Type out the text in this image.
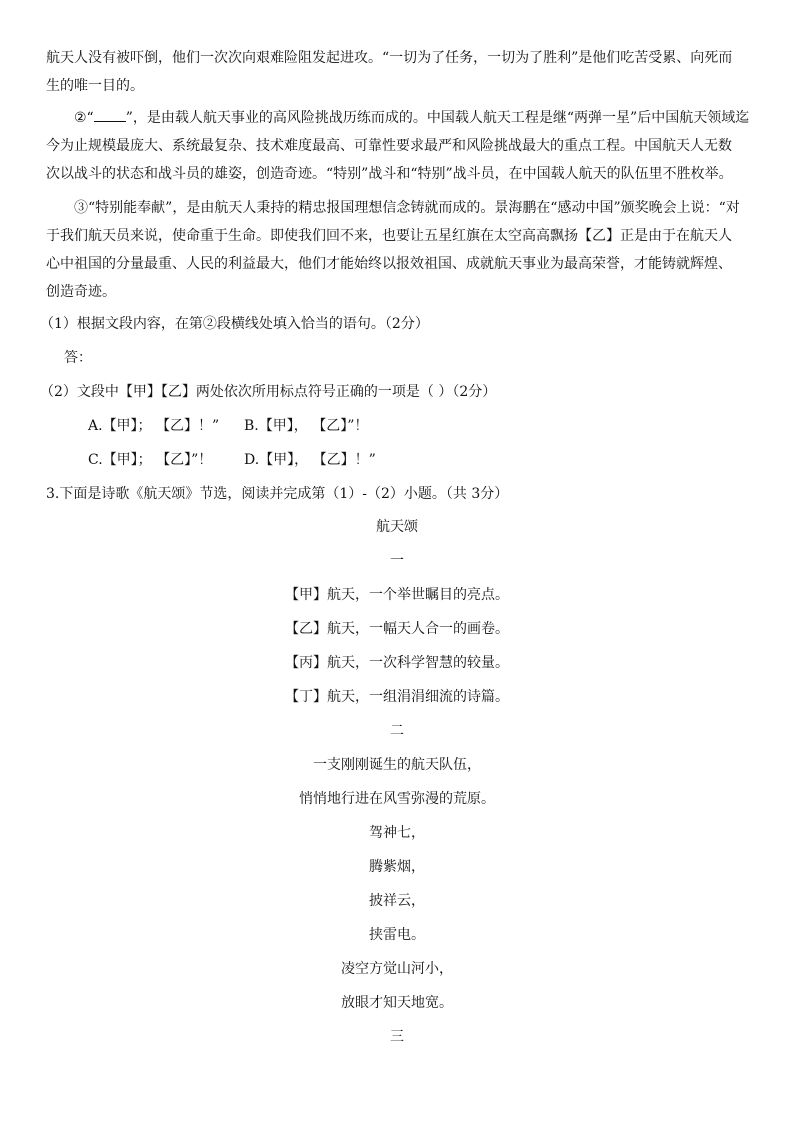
航天人没有被吓倒，他们一次次向艰难险阻发起进攻。“一切为了任务，一切为了胜利”是他们吃苦受累、向死而
生的唯一目的。
②“ ”，是由载人航天事业的高风险挑战历练而成的。中国载人航天工程是继“两弹一星”后中国航天领域迄
今为止规模最庞大、系统最复杂、技术难度最高、可靠性要求最严和风险挑战最大的重点工程。中国航天人无数
次以战斗的状态和战斗员的雄姿，创造奇迹。“特别”战斗和“特别”战斗员，在中国载人航天的队伍里不胜枚举。
③“特别能奉献”，是由航天人秉持的精忠报国理想信念铸就而成的。景海鹏在“感动中国”颁奖晚会上说：“对
于我们航天员来说，使命重于生命。即使我们回不来，也要让五星红旗在太空高高飘扬【乙】正是由于在航天人
心中祖国的分量最重、人民的利益最大，他们才能始终以报效祖国、成就航天事业为最高荣誉，才能铸就辉煌、
创造奇迹。
（1）根据文段内容，在第②段横线处填入恰当的语句。（2分）
答：
（2）文段中【甲】【乙】两处依次所用标点符号正确的一项是（ ）（2分）
A.【甲】； 【乙】！” B.【甲】， 【乙】”！
C.【甲】； 【乙】”！ D.【甲】， 【乙】！”
3.下面是诗歌《航天颂》节选，阅读并完成第（1）-（2）小题。（共 3分）
航天颂
一
【甲】航天，一个举世瞩目的亮点。
【乙】航天，一幅天人合一的画卷。
【丙】航天，一次科学智慧的较量。
【丁】航天，一组涓涓细流的诗篇。
二
一支刚刚诞生的航天队伍，
悄悄地行进在风雪弥漫的荒原。
驾神七，
腾紫烟，
披祥云，
挟雷电。
凌空方觉山河小，
放眼才知天地宽。
三
